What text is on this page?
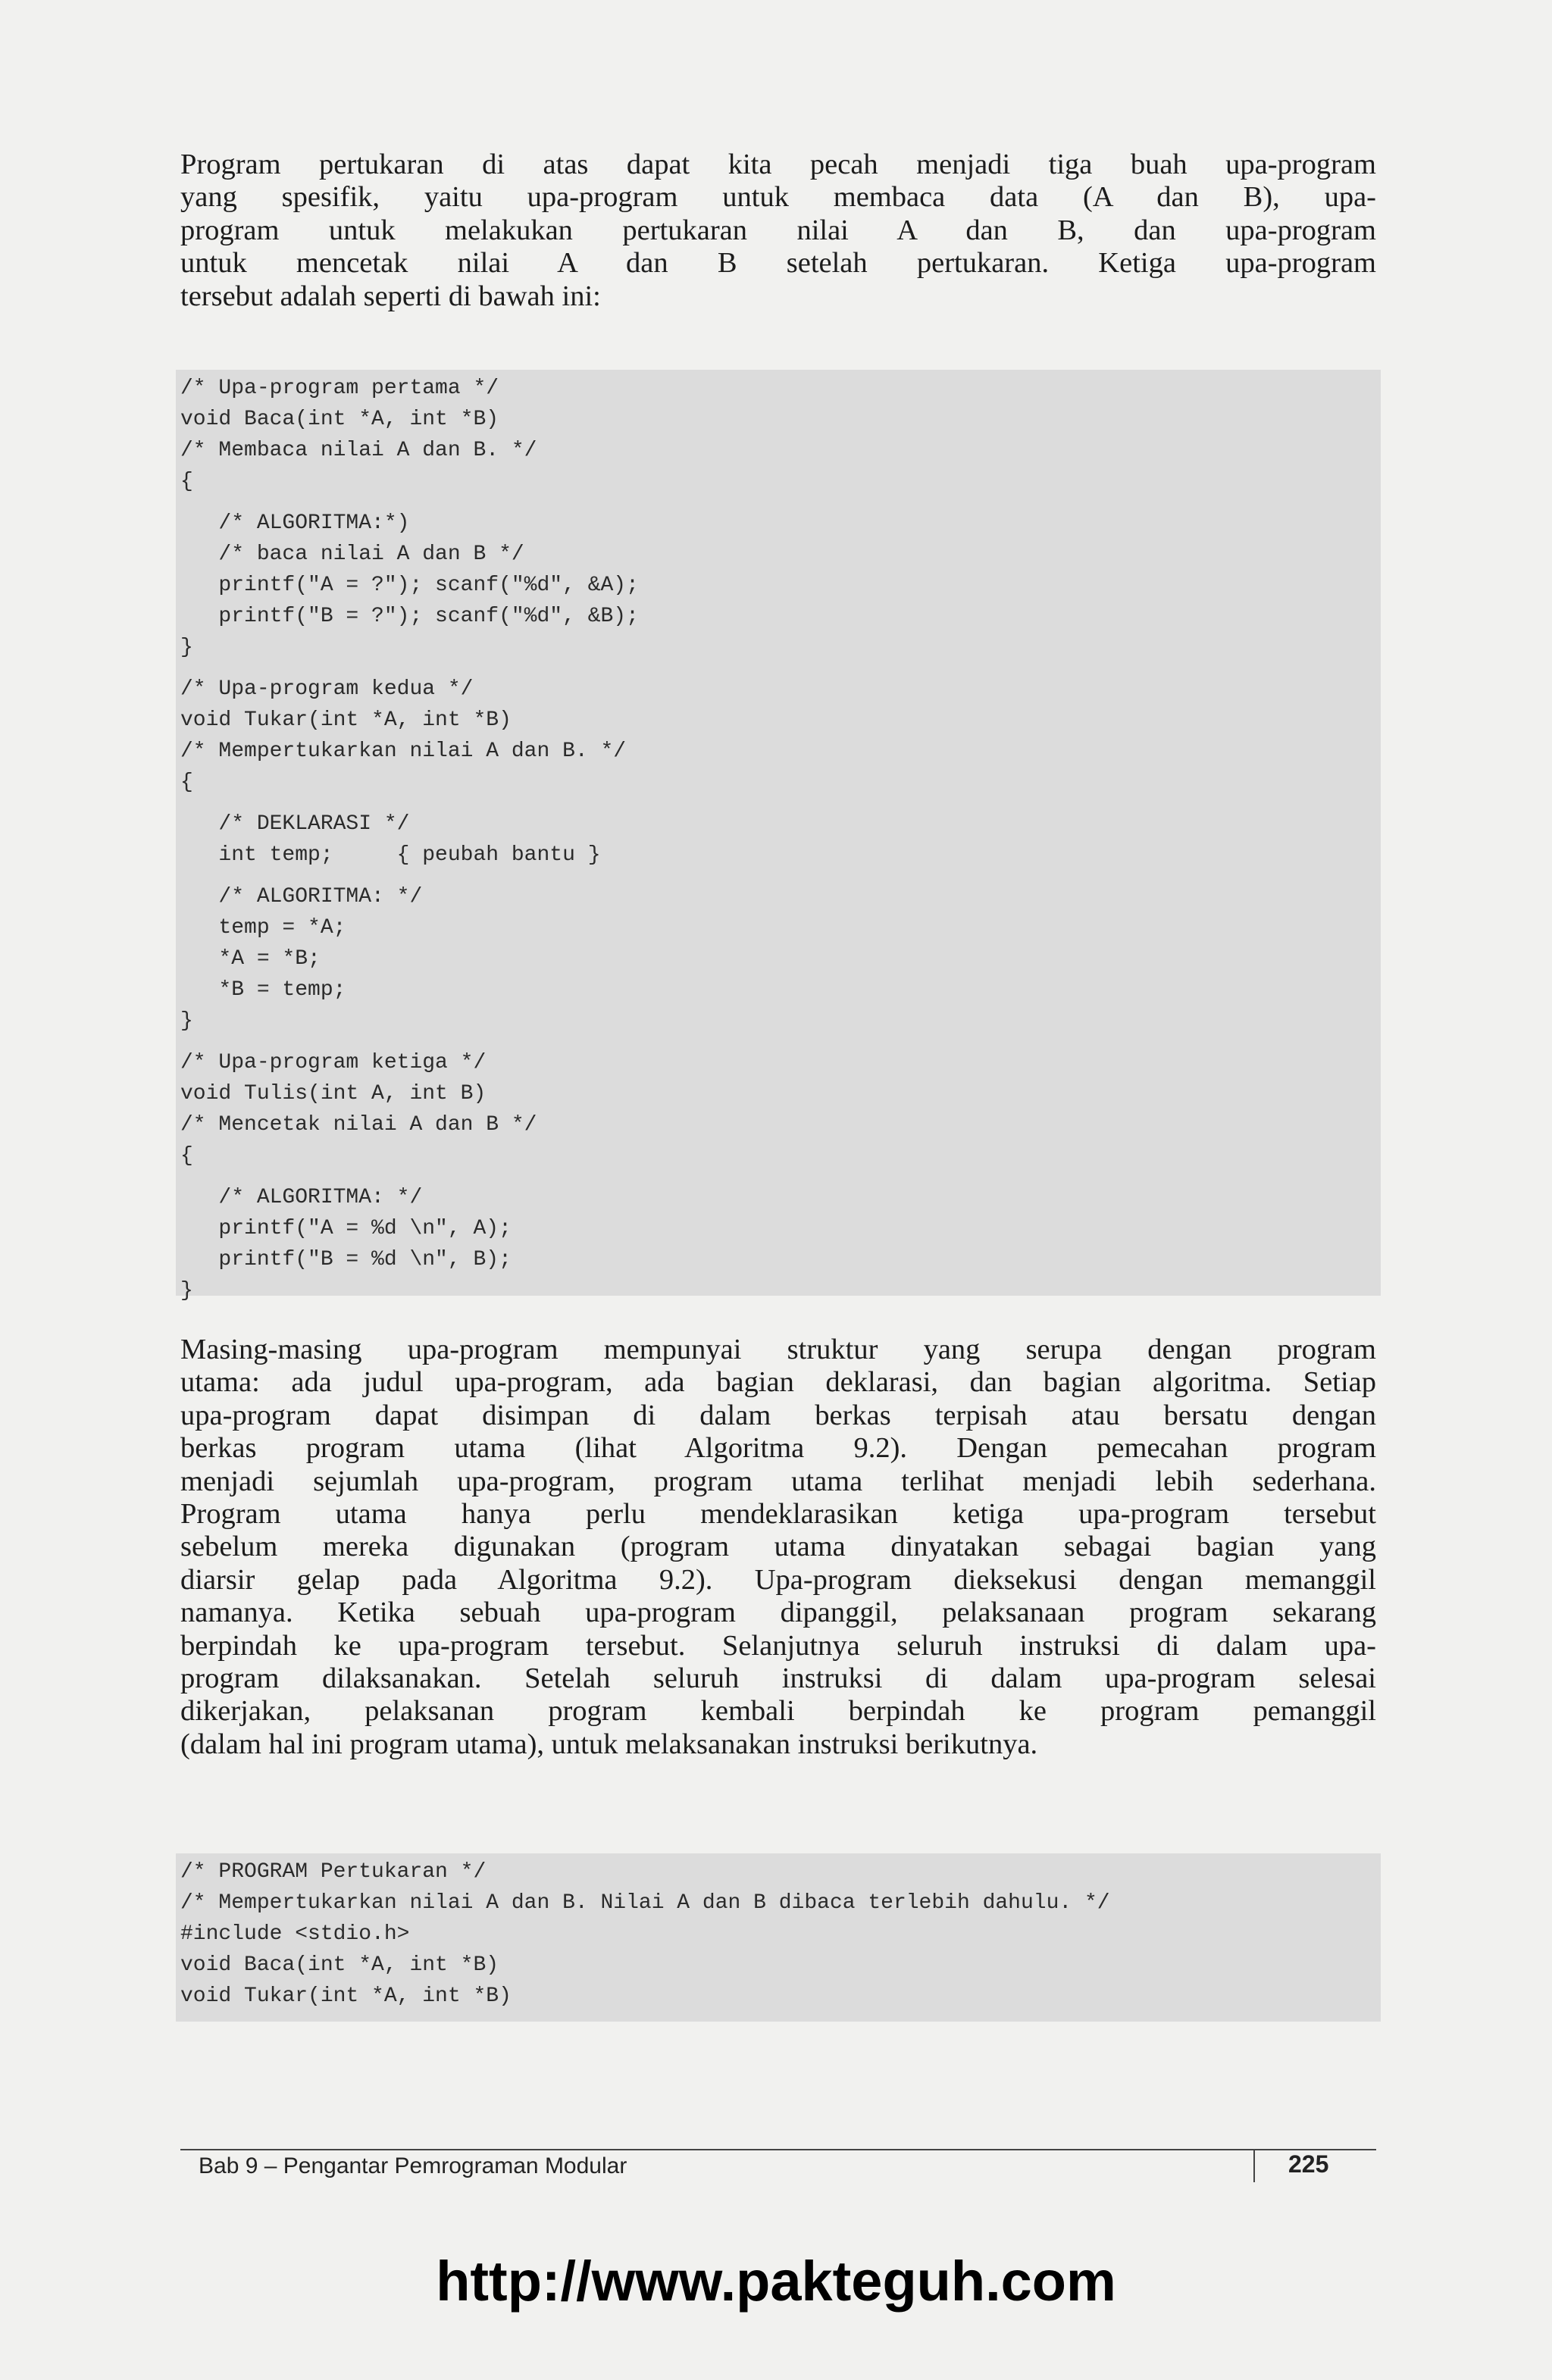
Program pertukaran di atas dapat kita pecah menjadi tiga buah upa-program
yang spesifik, yaitu upa-program untuk membaca data (A dan B), upa-
program untuk melakukan pertukaran nilai A dan B, dan upa-program
untuk mencetak nilai A dan B setelah pertukaran. Ketiga upa-program
tersebut adalah seperti di bawah ini:

/* Upa-program pertama */
void Baca(int *A, int *B)
/* Membaca nilai A dan B. */
{
/* ALGORITMA:*)
/* baca nilai A dan B */
printf("A = ?"); scanf("%d", &A);
printf("B = ?"); scanf("%d", &B);
}
/* Upa-program kedua */
void Tukar(int *A, int *B)
/* Mempertukarkan nilai A dan B. */
{
/* DEKLARASI */
int temp;     { peubah bantu }
/* ALGORITMA: */
temp = *A;
*A = *B;
*B = temp;
}
/* Upa-program ketiga */
void Tulis(int A, int B)
/* Mencetak nilai A dan B */
{
/* ALGORITMA: */
printf("A = %d \n", A);
printf("B = %d \n", B);
}

Masing-masing upa-program mempunyai struktur yang serupa dengan program
utama: ada judul upa-program, ada bagian deklarasi, dan bagian algoritma. Setiap
upa-program dapat disimpan di dalam berkas terpisah atau bersatu dengan
berkas program utama (lihat Algoritma 9.2). Dengan pemecahan program
menjadi sejumlah upa-program, program utama terlihat menjadi lebih sederhana.
Program utama hanya perlu mendeklarasikan ketiga upa-program tersebut
sebelum mereka digunakan (program utama dinyatakan sebagai bagian yang
diarsir gelap pada Algoritma 9.2). Upa-program dieksekusi dengan memanggil
namanya. Ketika sebuah upa-program dipanggil, pelaksanaan program sekarang
berpindah ke upa-program tersebut. Selanjutnya seluruh instruksi di dalam upa-
program dilaksanakan. Setelah seluruh instruksi di dalam upa-program selesai
dikerjakan, pelaksanan program kembali berpindah ke program pemanggil
(dalam hal ini program utama), untuk melaksanakan instruksi berikutnya.

/* PROGRAM Pertukaran */
/* Mempertukarkan nilai A dan B. Nilai A dan B dibaca terlebih dahulu. */
#include <stdio.h>
void Baca(int *A, int *B)
void Tukar(int *A, int *B)
Bab 9 – Pengantar Pemrograman Modular	225
http://www.pakteguh.com
